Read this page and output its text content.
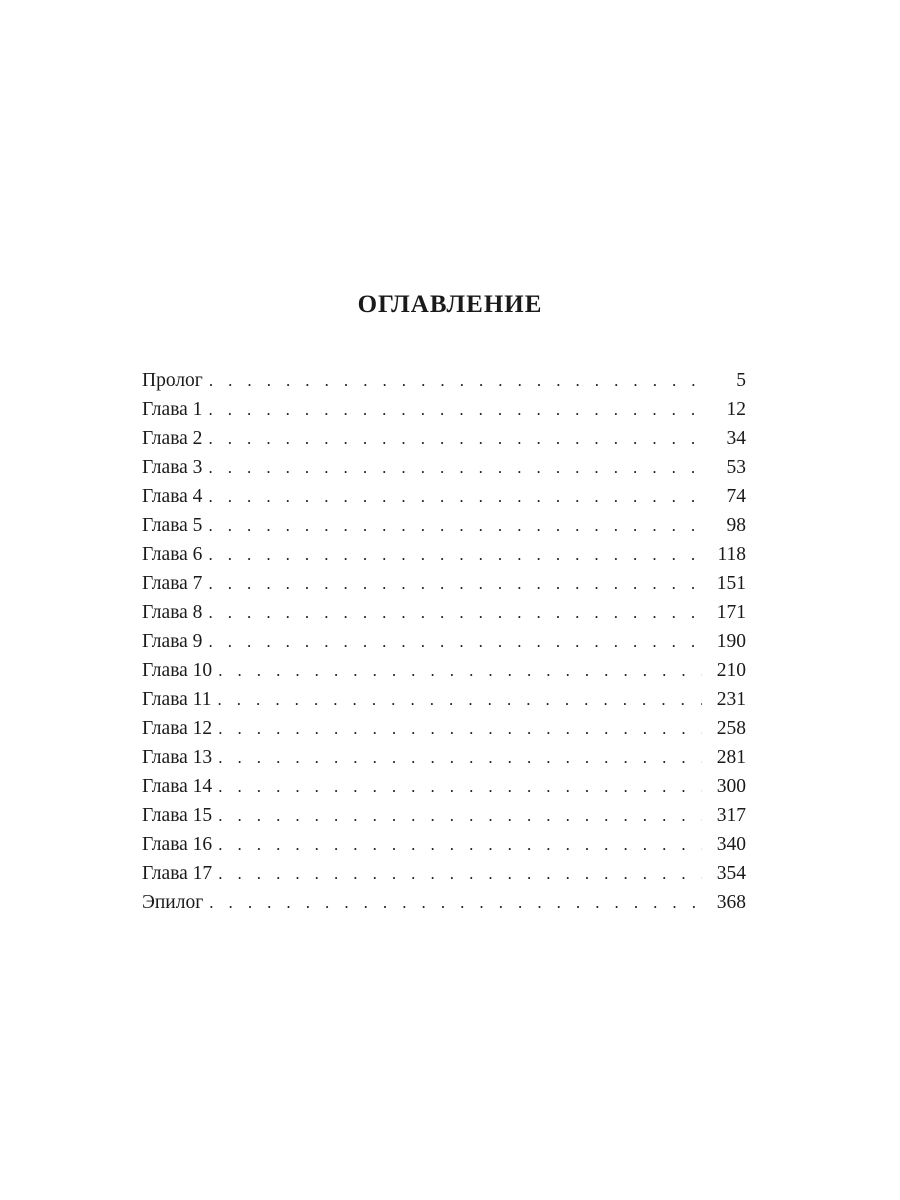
ОГЛАВЛЕНИЕ
Пролог . . .	5
Глава 1 . . .	12
Глава 2 . . .	34
Глава 3 . . .	53
Глава 4 . . .	74
Глава 5 . . .	98
Глава 6 . . .	118
Глава 7 . . .	151
Глава 8 . . .	171
Глава 9 . . .	190
Глава 10 . . .	210
Глава 11 . . .	231
Глава 12 . . .	258
Глава 13 . . .	281
Глава 14 . . .	300
Глава 15 . . .	317
Глава 16 . . .	340
Глава 17 . . .	354
Эпилог . . .	368
